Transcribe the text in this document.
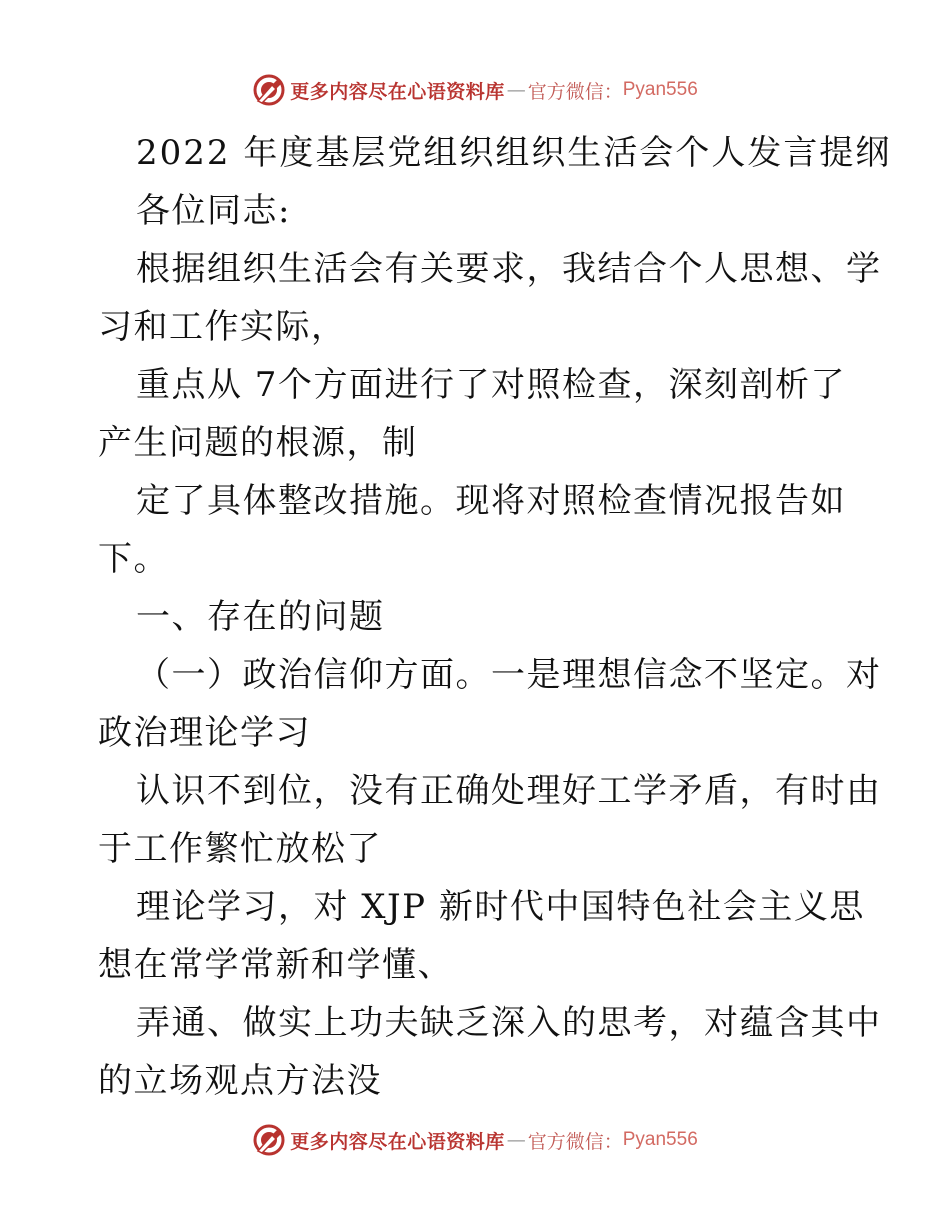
更多内容尽在心语资料库 — 官方微信： Pyan556

2022 年度基层党组织组织生活会个人发言提纲

各位同志:

根据组织生活会有关要求，我结合个人思想、学

习和工作实际，

重点从 7个方面进行了对照检查，深刻剖析了

产生问题的根源，制

定了具体整改措施。现将对照检查情况报告如

下。

一、存在的问题

（一）政治信仰方面。一是理想信念不坚定。对

政治理论学习

认识不到位，没有正确处理好工学矛盾，有时由

于工作繁忙放松了

理论学习，对 XJP 新时代中国特色社会主义思

想在常学常新和学懂、

弄通、做实上功夫缺乏深入的思考，对蕴含其中

的立场观点方法没

更多内容尽在心语资料库 — 官方微信： Pyan556
